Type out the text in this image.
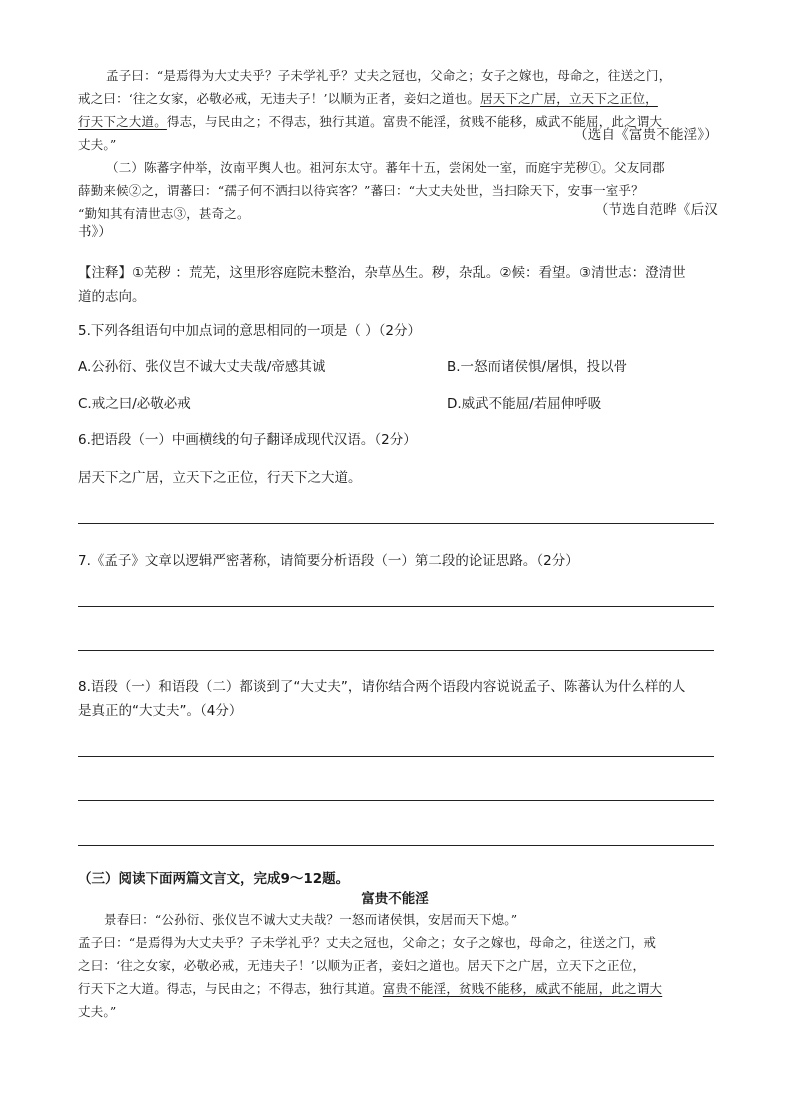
孟子曰：“是焉得为大丈夫乎？子未学礼乎？丈夫之冠也，父命之；女子之嫁也，母命之，往送之门，
戒之曰：‘往之女家，必敬必戒，无违夫子！’以顺为正者，妾妇之道也。居天下之广居，立天下之正位，
行天下之大道。得志，与民由之；不得志，独行其道。富贵不能淫，贫贱不能移，威武不能屈，此之谓大
丈夫。”
（选自《富贵不能淫》）
（二）陈蕃字仲举，汝南平舆人也。祖河东太守。蕃年十五，尝闲处一室，而庭宇芜秽①。父友同郡
薛勤来候②之，谓蕃曰：“孺子何不洒扫以待宾客？”蕃曰：“大丈夫处世，当扫除天下，安事一室乎？
“勤知其有清世志③，甚奇之。	（节选自范晔《后汉
书》）
【注释】①芜秽 ：荒芜，这里形容庭院未整治，杂草丛生。秽，杂乱。②候：看望。③清世志：澄清世
道的志向。
5.下列各组语句中加点词的意思相同的一项是（ ）（2分）
A.公孙衍、张仪岂不诚大丈夫哉/帝感其诚	B.一怒而诸侯惧/屠惧，投以骨
C.戒之曰/必敬必戒	D.威武不能屈/若屈伸呼吸
6.把语段（一）中画横线的句子翻译成现代汉语。（2分）
居天下之广居，立天下之正位，行天下之大道。
7.《孟子》文章以逻辑严密著称，请简要分析语段（一）第二段的论证思路。（2分）
8.语段（一）和语段（二）都谈到了“大丈夫”，请你结合两个语段内容说说孟子、陈蕃认为什么样的人
是真正的“大丈夫”。（4分）
（三）阅读下面两篇文言文，完成9～12题。
富贵不能淫
景春曰：“公孙衍、张仪岂不诚大丈夫哉？一怒而诸侯惧，安居而天下熄。”
孟子曰：“是焉得为大丈夫乎？子未学礼乎？丈夫之冠也，父命之；女子之嫁也，母命之，往送之门，戒
之曰：‘往之女家，必敬必戒，无违夫子！’以顺为正者，妾妇之道也。居天下之广居，立天下之正位，
行天下之大道。得志，与民由之；不得志，独行其道。富贵不能淫，贫贱不能移，威武不能屈，此之谓大
丈夫。”
